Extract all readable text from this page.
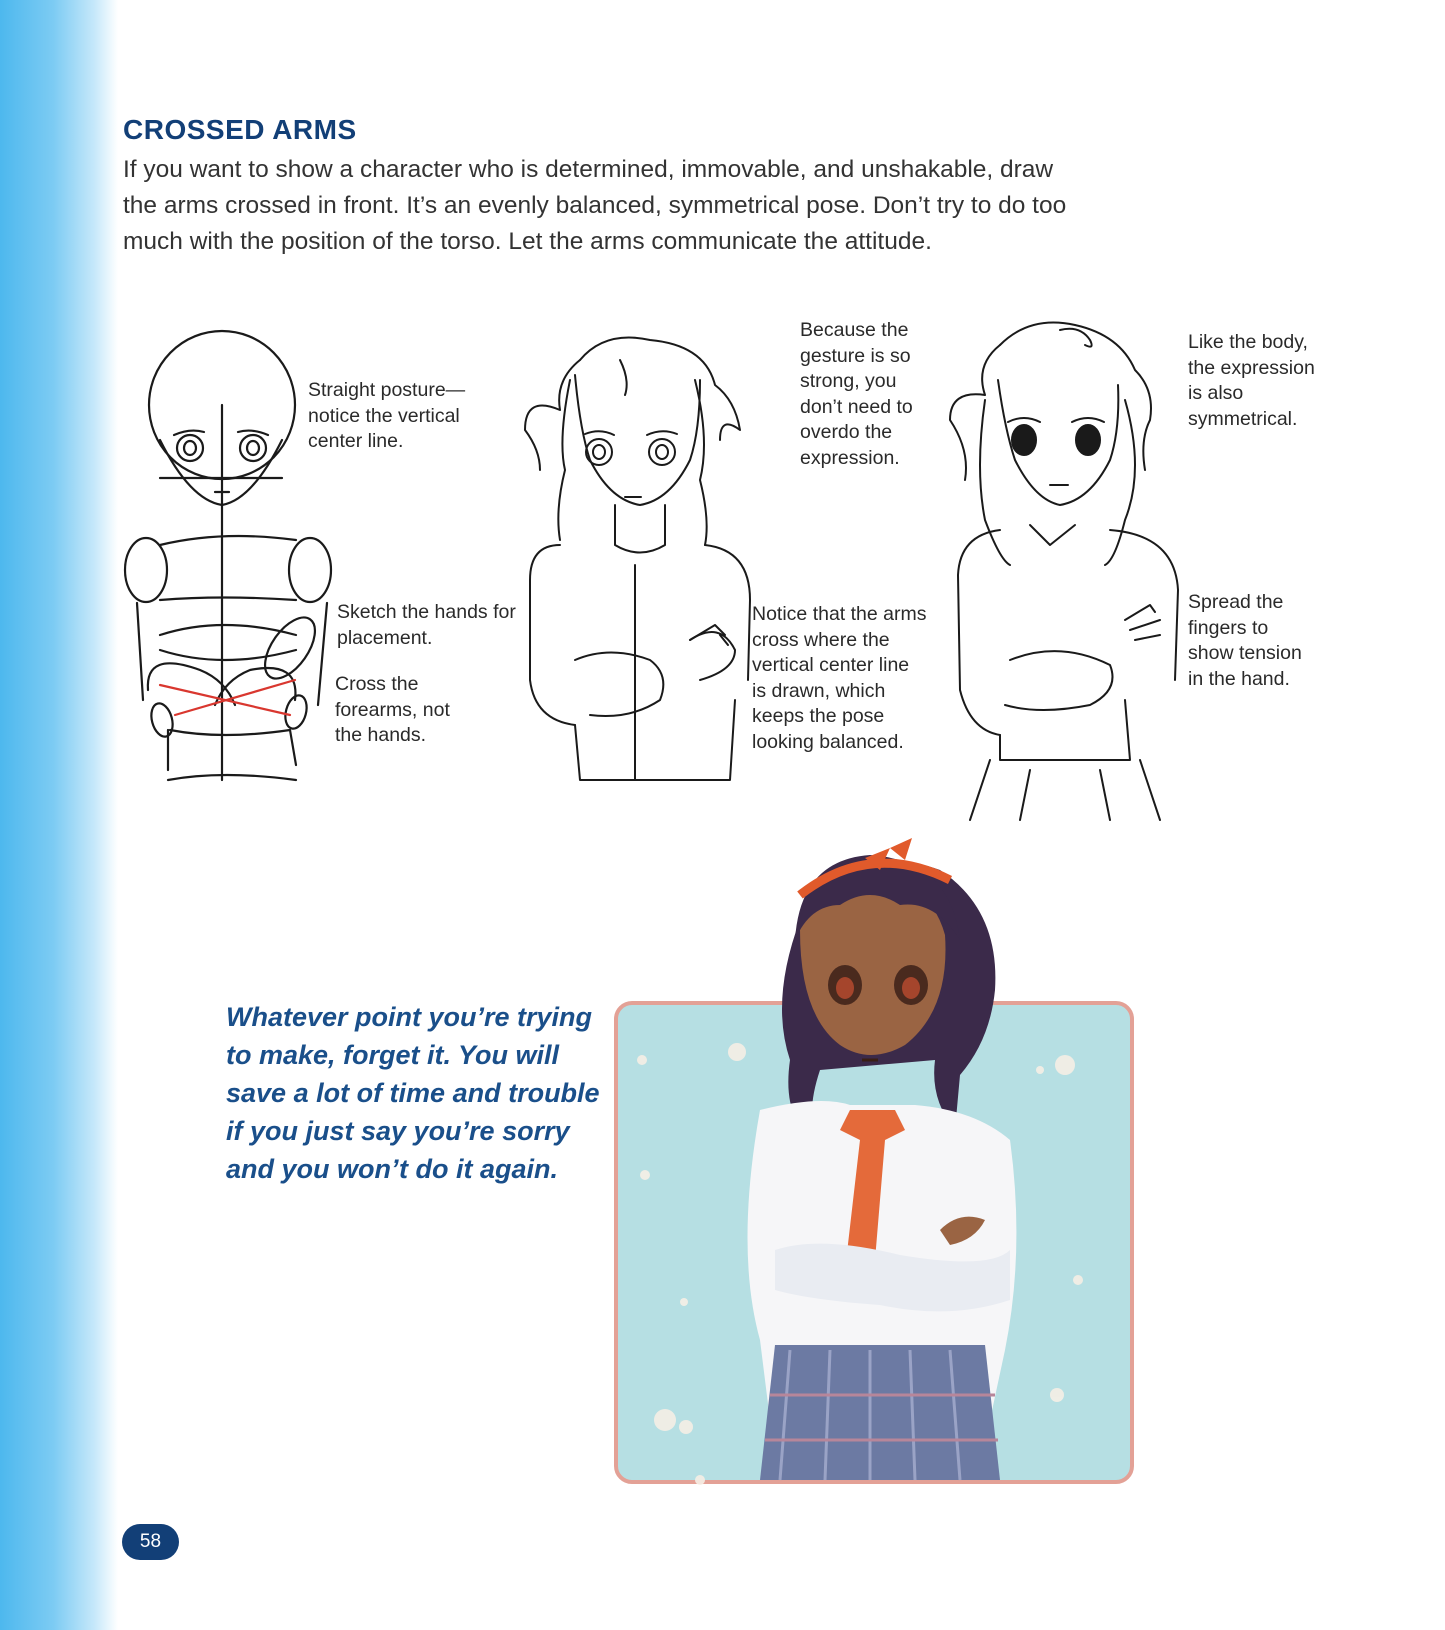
CROSSED ARMS

If you want to show a character who is determined, immovable, and unshakable, draw the arms crossed in front. It’s an evenly balanced, symmetrical pose. Don’t try to do too much with the position of the torso. Let the arms communicate the attitude.

Straight posture—notice the vertical center line.

Sketch the hands for placement.

Cross the forearms, not the hands.

Because the gesture is so strong, you don’t need to overdo the expression.

Notice that the arms cross where the vertical center line is drawn, which keeps the pose looking balanced.

Like the body, the expression is also symmetrical.

Spread the fingers to show tension in the hand.

Whatever point you’re trying to make, forget it. You will save a lot of time and trouble if you just say you’re sorry and you won’t do it again.

58
